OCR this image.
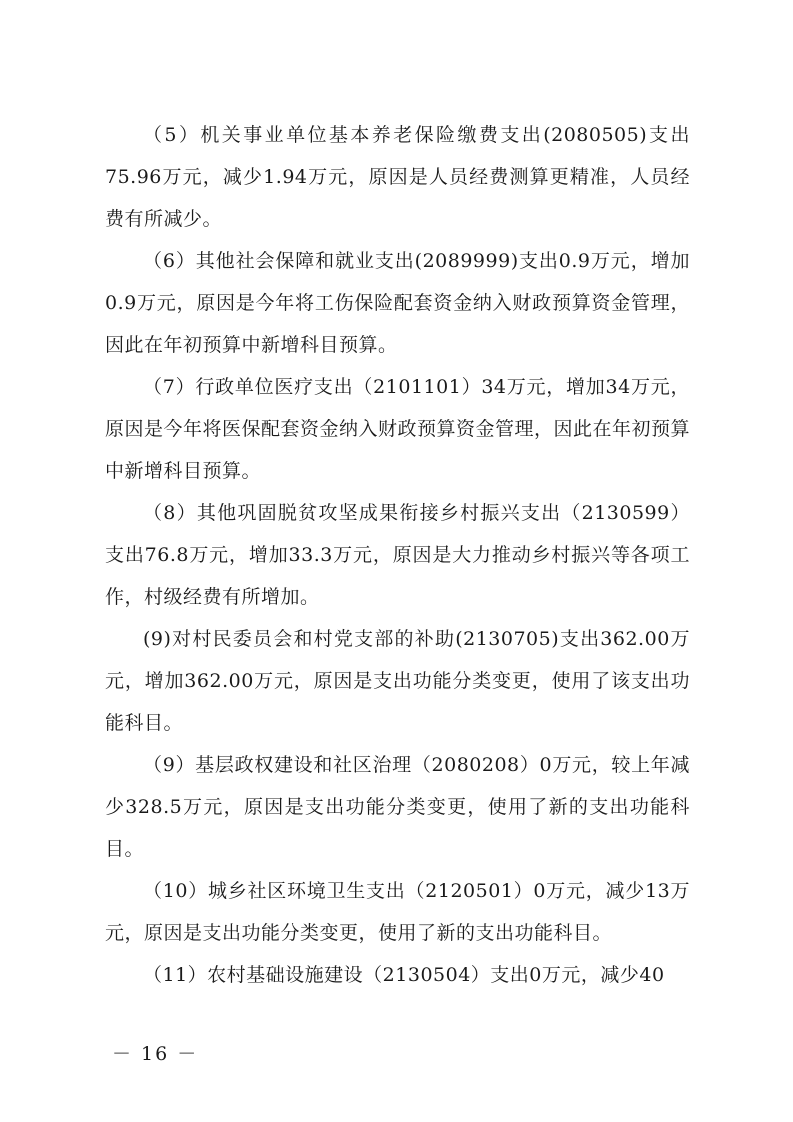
（5）机关事业单位基本养老保险缴费支出(2080505)支出75.96万元，减少1.94万元，原因是人员经费测算更精准，人员经费有所减少。

（6）其他社会保障和就业支出(2089999)支出0.9万元，增加0.9万元，原因是今年将工伤保险配套资金纳入财政预算资金管理，因此在年初预算中新增科目预算。

（7）行政单位医疗支出（2101101）34万元，增加34万元，原因是今年将医保配套资金纳入财政预算资金管理，因此在年初预算中新增科目预算。

（8）其他巩固脱贫攻坚成果衔接乡村振兴支出（2130599）支出76.8万元，增加33.3万元，原因是大力推动乡村振兴等各项工作，村级经费有所增加。

(9)对村民委员会和村党支部的补助(2130705)支出362.00万元，增加362.00万元，原因是支出功能分类变更，使用了该支出功能科目。

（9）基层政权建设和社区治理（2080208）0万元，较上年减少328.5万元，原因是支出功能分类变更，使用了新的支出功能科目。

（10）城乡社区环境卫生支出（2120501）0万元，减少13万元，原因是支出功能分类变更，使用了新的支出功能科目。

（11）农村基础设施建设（2130504）支出0万元，减少40

－ 16 －
